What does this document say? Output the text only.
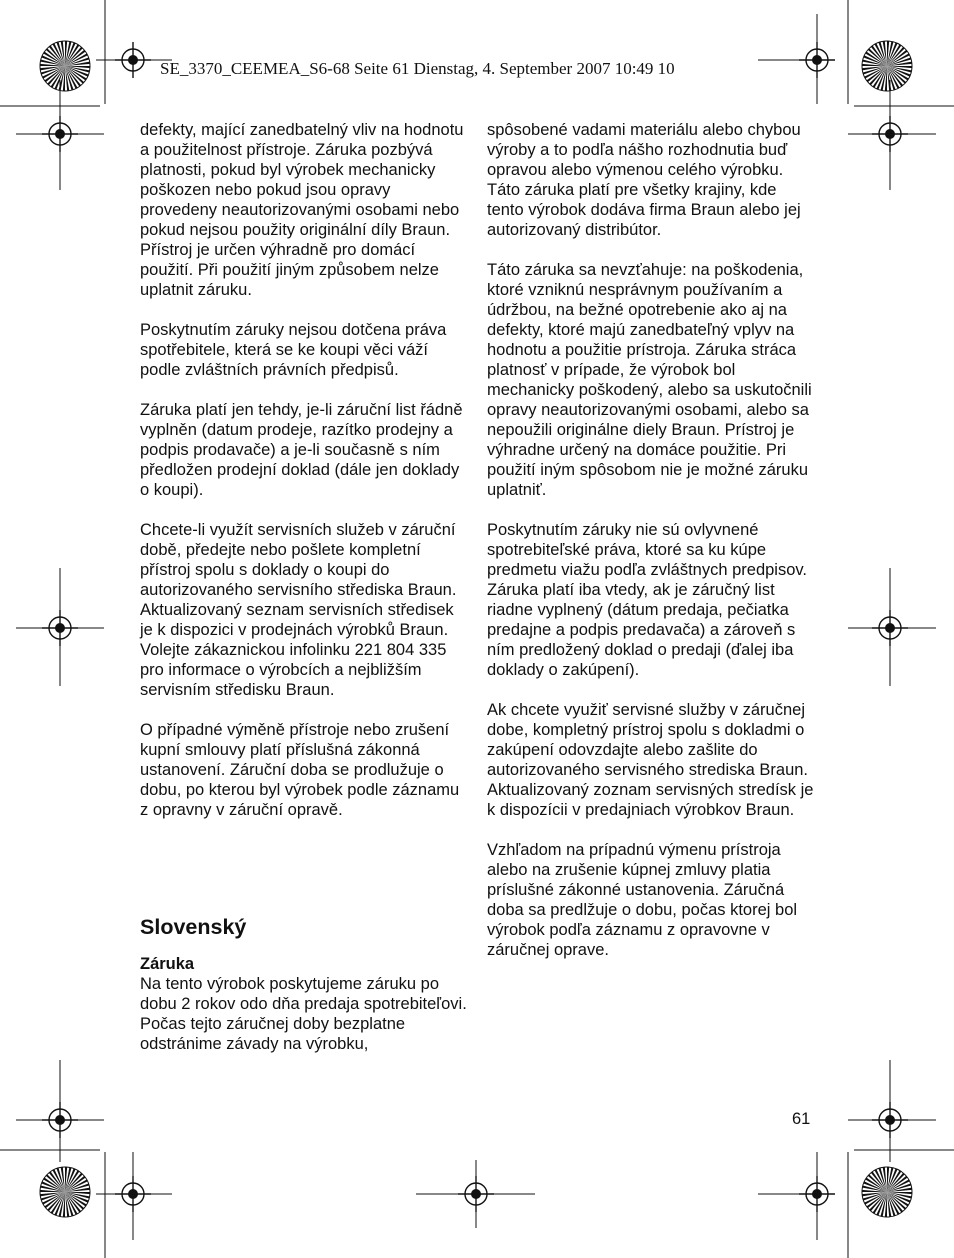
SE_3370_CEEMEA_S6-68 Seite 61 Dienstag, 4. September 2007 10:49 10

defekty, mající zanedbatelný vliv na hodnotu a použitelnost přístroje. Záruka pozbývá platnosti, pokud byl výrobek mechanicky poškozen nebo pokud jsou opravy provedeny neautorizovanými osobami nebo pokud nejsou použity originální díly Braun. Přístroj je určen výhradně pro domácí použití. Při použití jiným způsobem nelze uplatnit záruku.

Poskytnutím záruky nejsou dotčena práva spotřebitele, která se ke koupi věci váží podle zvláštních právních předpisů.

Záruka platí jen tehdy, je-li záruční list řádně vyplněn (datum prodeje, razítko prodejny a podpis prodavače) a je-li současně s ním předložen prodejní doklad (dále jen doklady o koupi).

Chcete-li využít servisních služeb v záruční době, předejte nebo pošlete kompletní přístroj spolu s doklady o koupi do autorizovaného servisního střediska Braun. Aktualizovaný seznam servisních středisek je k dispozici v prodejnách výrobků Braun.

Volejte zákaznickou infolinku 221 804 335 pro informace o výrobcích a nejbližším servisním středisku Braun.

O případné výměně přístroje nebo zrušení kupní smlouvy platí příslušná zákonná ustanovení. Záruční doba se prodlužuje o dobu, po kterou byl výrobek podle záznamu z opravny v záruční opravě.

Slovenský

Záruka

Na tento výrobok poskytujeme záruku po dobu 2 rokov odo dňa predaja spotrebiteľovi. Počas tejto záručnej doby bezplatne odstránime závady na výrobku,

spôsobené vadami materiálu alebo chybou výroby a to podľa nášho rozhodnutia buď opravou alebo výmenou celého výrobku. Táto záruka platí pre všetky krajiny, kde tento výrobok dodáva firma Braun alebo jej autorizovaný distribútor.

Táto záruka sa nevzťahuje: na poškodenia, ktoré vzniknú nesprávnym používaním a údržbou, na bežné opotrebenie ako aj na defekty, ktoré majú zanedbateľný vplyv na hodnotu a použitie prístroja. Záruka stráca platnosť v prípade, že výrobok bol mechanicky poškodený, alebo sa uskutočnili opravy neautorizovanými osobami, alebo sa nepoužili originálne diely Braun. Prístroj je výhradne určený na domáce použitie. Pri použití iným spôsobom nie je možné záruku uplatniť.

Poskytnutím záruky nie sú ovlyvnené spotrebiteľské práva, ktoré sa ku kúpe predmetu viažu podľa zvláštnych predpisov.

Záruka platí iba vtedy, ak je záručný list riadne vyplnený (dátum predaja, pečiatka predajne a podpis predavača) a zároveň s ním predložený doklad o predaji (ďalej iba doklady o zakúpení).

Ak chcete využiť servisné služby v záručnej dobe, kompletný prístroj spolu s dokladmi o zakúpení odovzdajte alebo zašlite do autorizovaného servisného strediska Braun. Aktualizovaný zoznam servisných stredísk je k dispozícii v predajniach výrobkov Braun.

Vzhľadom na prípadnú výmenu prístroja alebo na zrušenie kúpnej zmluvy platia príslušné zákonné ustanovenia. Záručná doba sa predlžuje o dobu, počas ktorej bol výrobok podľa záznamu z opravovne v záručnej oprave.

61
